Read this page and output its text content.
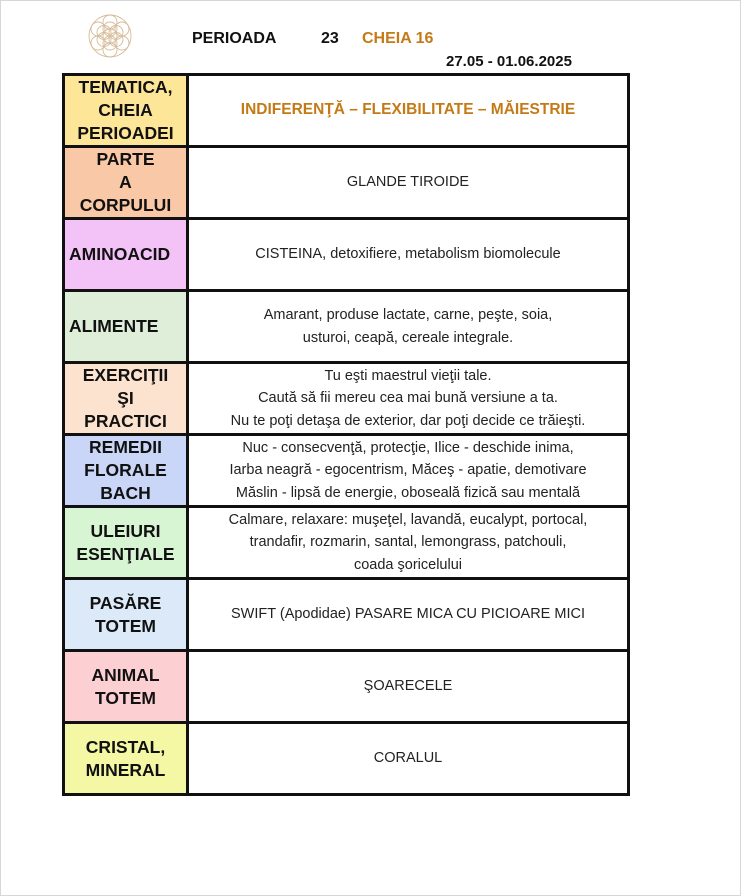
PERIOADA	23 CHEIA 16
27.05 - 01.06.2025
TEMATICA,
CHEIA
PERIOADEI	INDIFERENŢĂ – FLEXIBILITATE – MĂIESTRIE

PARTE
A
CORPULUI	GLANDE TIROIDE

AMINOACID	CISTEINA, detoxifiere, metabolism biomolecule

ALIMENTE	Amarant, produse lactate, carne, peşte, soia,
usturoi, ceapă, cereale integrale.

EXERCIŢII
ŞI
PRACTICI	Tu eşti maestrul vieţii tale.
Caută să fii mereu cea mai bună versiune a ta.
Nu te poţi detaşa de exterior, dar poţi decide ce trăieşti.

REMEDII
FLORALE
BACH	Nuc - consecvenţă, protecţie, Ilice - deschide inima,
Iarba neagră - egocentrism, Măceş - apatie, demotivare
Măslin - lipsă de energie, oboseală fizică sau mentală

ULEIURI
ESENŢIALE	Calmare, relaxare: muşeţel, lavandă, eucalypt, portocal,
trandafir, rozmarin, santal, lemongrass, patchouli,
coada şoricelului

PASĂRE
TOTEM	SWIFT (Apodidae) PASARE MICA CU PICIOARE MICI

ANIMAL
TOTEM	ŞOARECELE

CRISTAL,
MINERAL	CORALUL
